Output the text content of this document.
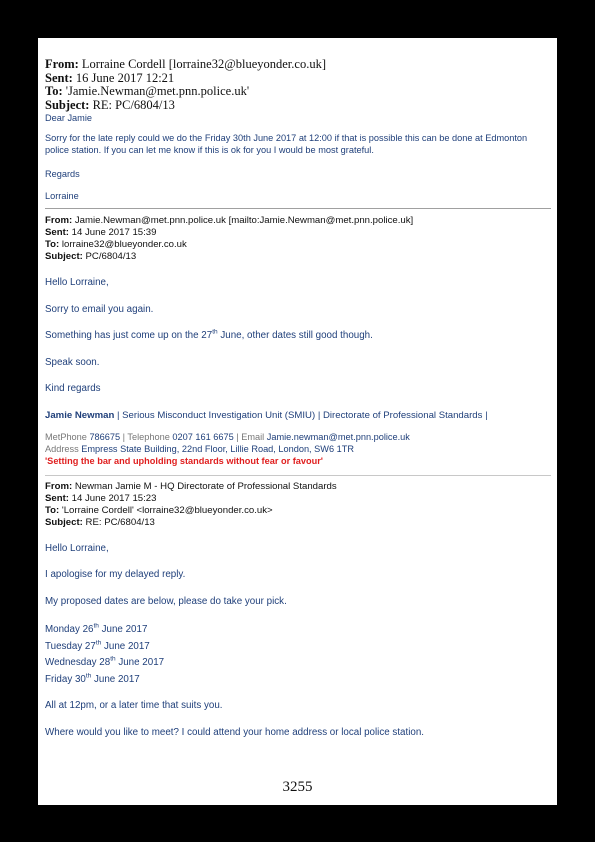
From: Lorraine Cordell [lorraine32@blueyonder.co.uk]
Sent: 16 June 2017 12:21
To: 'Jamie.Newman@met.pnn.police.uk'
Subject: RE: PC/6804/13
Dear Jamie
Sorry for the late reply could we do the Friday 30th June 2017 at 12:00 if that is possible this can be done at Edmonton police station. If you can let me know if this is ok for you I would be most grateful.
Regards
Lorraine
From: Jamie.Newman@met.pnn.police.uk [mailto:Jamie.Newman@met.pnn.police.uk]
Sent: 14 June 2017 15:39
To: lorraine32@blueyonder.co.uk
Subject: PC/6804/13
Hello Lorraine,
Sorry to email you again.
Something has just come up on the 27th June, other dates still good though.
Speak soon.
Kind regards
Jamie Newman | Serious Misconduct Investigation Unit (SMIU) | Directorate of Professional Standards |
MetPhone 786675 | Telephone 0207 161 6675 | Email Jamie.newman@met.pnn.police.uk
Address Empress State Building, 22nd Floor, Lillie Road, London, SW6 1TR
'Setting the bar and upholding standards without fear or favour'
From: Newman Jamie M - HQ Directorate of Professional Standards
Sent: 14 June 2017 15:23
To: 'Lorraine Cordell' <lorraine32@blueyonder.co.uk>
Subject: RE: PC/6804/13
Hello Lorraine,
I apologise for my delayed reply.
My proposed dates are below, please do take your pick.
Monday 26th June 2017
Tuesday 27th June 2017
Wednesday 28th June 2017
Friday 30th June 2017
All at 12pm, or a later time that suits you.
Where would you like to meet? I could attend your home address or local police station.
3255
